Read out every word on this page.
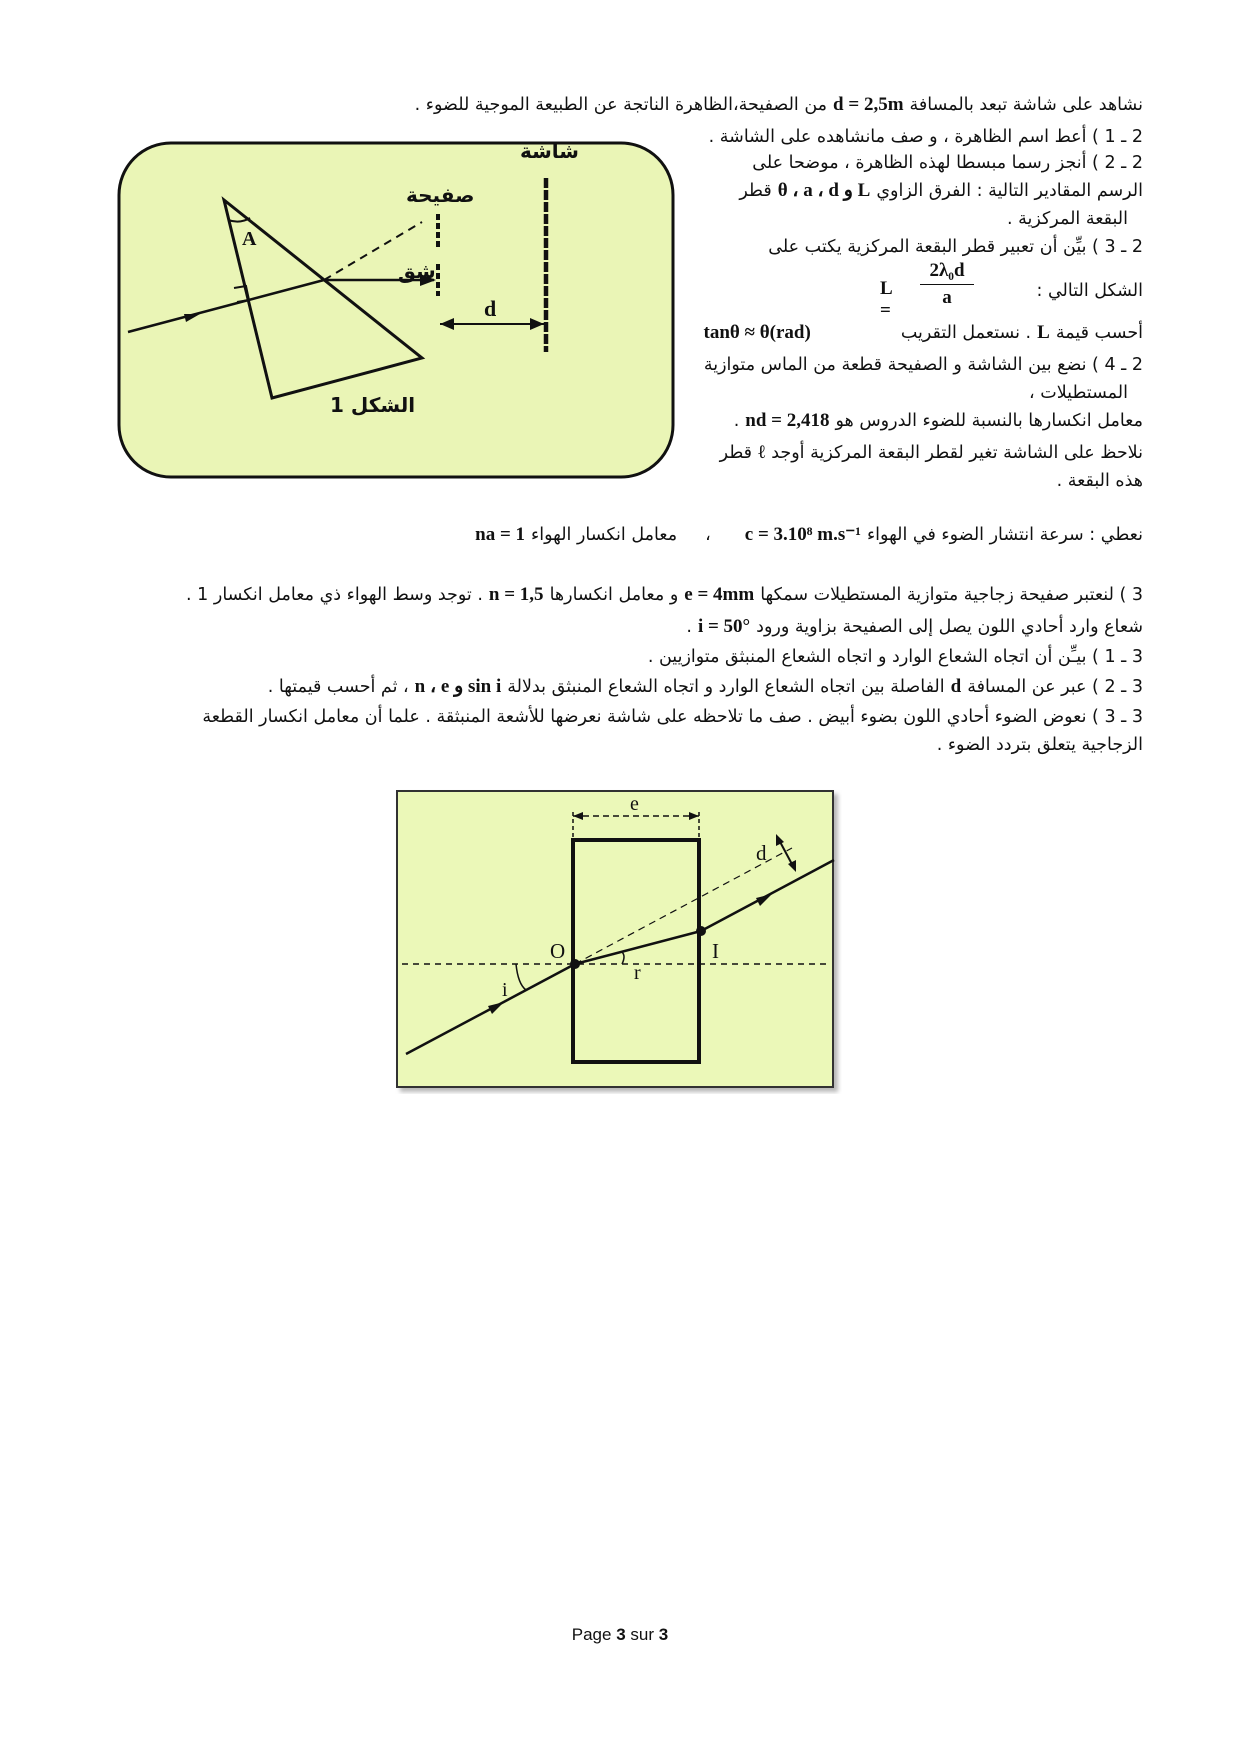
نشاهد على شاشة تبعد بالمسافةd = 2,5mمن الصفيحة،الظاهرة الناتجة عن الطبيعة الموجية للضوء .
2 ـ 1 ) أعط اسم الظاهرة ، و صف مانشاهده على الشاشة .
2 ـ 2 ) أنجز رسما مبسطا لهذه الظاهرة ، موضحا على
الرسم المقادير التالية : الفرق الزاويθ ، a ، d و Lقطر
البقعة المركزية .
2 ـ 3 ) بيِّن أن تعبير قطر البقعة المركزية يكتب على
الشكل التالي :
L =
2λ₀d
a
أحسب قيمةL. نستعمل التقريبtanθ ≈ θ(rad)
2 ـ 4 ) نضع بين الشاشة و الصفيحة قطعة من الماس متوازية
المستطيلات ،
معامل انكسارها بالنسبة للضوء الدروس هوnd = 2,418.
نلاحظ على الشاشة تغير لقطر البقعة المركزية أوجدℓقطر
هذه البقعة .
نعطي : سرعة انتشار الضوء في الهواءc = 3.10⁸ m.s⁻¹،معامل انكسار الهواءna = 1
3 ) لنعتبر صفيحة زجاجية متوازية المستطيلات سمكهاe = 4mmو معامل انكسارهاn = 1,5. توجد وسط الهواء ذي معامل انكسار 1 .
شعاع وارد أحادي اللون يصل إلى الصفيحة بزاوية ورودi = 50°.
3 ـ 1 ) بيـِّن أن اتجاه الشعاع الوارد و اتجاه الشعاع المنبثق متوازيين .
3 ـ 2 ) عبر عن المسافةdالفاصلة بين اتجاه الشعاع الوارد و اتجاه الشعاع المنبثق بدلالةn ، e و sin i، ثم أحسب قيمتها .
3 ـ 3 ) نعوض الضوء أحادي اللون بضوء أبيض . صف ما تلاحظه على شاشة نعرضها للأشعة المنبثقة . علما أن معامل انكسار القطعة
الزجاجية يتعلق بتردد الضوء .
A
d
شاشة
صفيحة
شق
الشكل 1
e
O	I
i
r
d
Page 3 sur 3
